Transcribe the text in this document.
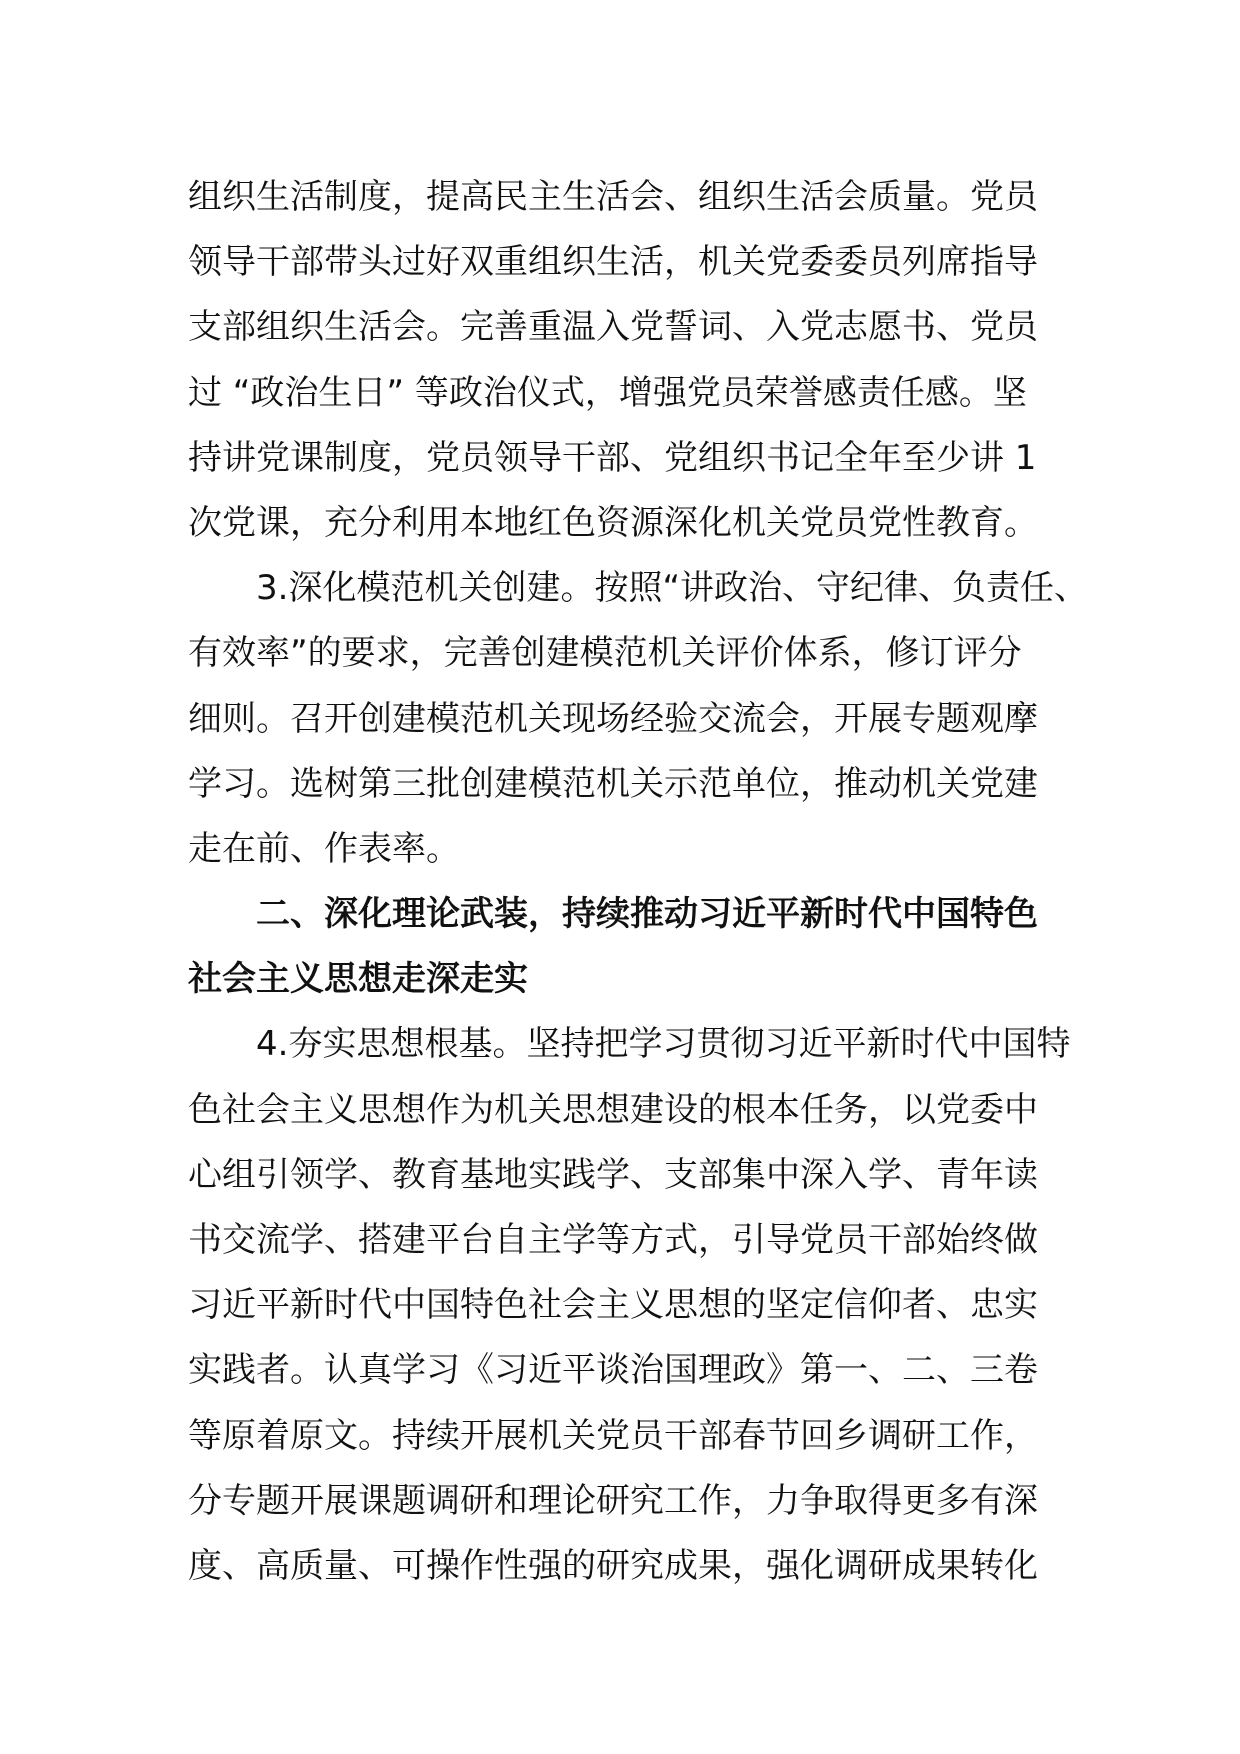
组织生活制度，提高民主生活会、组织生活会质量。党员
领导干部带头过好双重组织生活，机关党委委员列席指导
支部组织生活会。完善重温入党誓词、入党志愿书、党员
过 “政治生日” 等政治仪式，增强党员荣誉感责任感。坚
持讲党课制度，党员领导干部、党组织书记全年至少讲 1
次党课，充分利用本地红色资源深化机关党员党性教育。
3.深化模范机关创建。按照“讲政治、守纪律、负责任、
有效率”的要求，完善创建模范机关评价体系，修订评分
细则。召开创建模范机关现场经验交流会，开展专题观摩
学习。选树第三批创建模范机关示范单位，推动机关党建
走在前、作表率。
二、深化理论武装，持续推动习近平新时代中国特色
社会主义思想走深走实
4.夯实思想根基。坚持把学习贯彻习近平新时代中国特
色社会主义思想作为机关思想建设的根本任务，以党委中
心组引领学、教育基地实践学、支部集中深入学、青年读
书交流学、搭建平台自主学等方式，引导党员干部始终做
习近平新时代中国特色社会主义思想的坚定信仰者、忠实
实践者。认真学习《习近平谈治国理政》第一、二、三卷
等原着原文。持续开展机关党员干部春节回乡调研工作，
分专题开展课题调研和理论研究工作，力争取得更多有深
度、高质量、可操作性强的研究成果，强化调研成果转化
